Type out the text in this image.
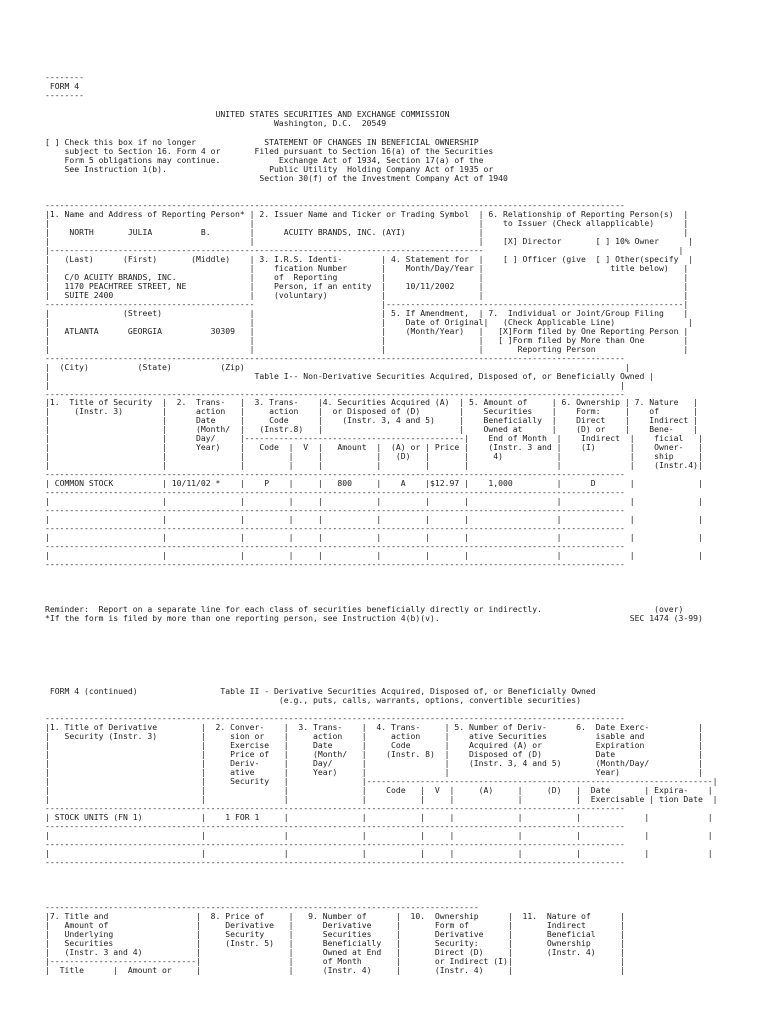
--------
FORM 4
--------
UNITED STATES SECURITIES AND EXCHANGE COMMISSION
Washington, D.C.  20549
[ ] Check this box if no longer              STATEMENT OF CHANGES IN BENEFICIAL OWNERSHIP
subject to Section 16. Form 4 or       Filed pursuant to Section 16(a) of the Securities
Form 5 obligations may continue.            Exchange Act of 1934, Section 17(a) of the
See Instruction 1(b).                     Public Utility  Holding Company Act of 1935 or
Section 30(f) of the Investment Company Act of 1940
-----------------------------------------------------------------------------------------------------------------------
|1. Name and Address of Reporting Person* | 2. Issuer Name and Ticker or Trading Symbol  | 6. Relationship of Reporting Person(s)  |
|                                         |                                              |    to Issuer (Check allapplicable)      |
|    NORTH       JULIA          B.        |      ACUITY BRANDS, INC. (AYI)               |                                         |
|                                         |                                              |    [X] Director       [ ] 10% Owner      |
|-----------------------------------------------------------------------------------------                                        |
|   (Last)      (First)       (Middle)    | 3. I.R.S. Identi-        | 4. Statement for  |    [ ] Officer (give  [ ] Other(specify  |
|                                         |    fication Number       |    Month/Day/Year |                          title below)   |
|   C/O ACUITY BRANDS, INC.               |    of  Reporting         |                   |                                         |
|   1170 PEACHTREE STREET, NE             |    Person, if an entity  |    10/11/2002     |                                         |
|   SUITE 2400                            |    (voluntary)           |                   |                                         |
-------------------------------------------                          |-------------------------------------------------------------|
|               (Street)                  |                          | 5. If Amendment,  | 7.  Individual or Joint/Group Filing    |
|                                         |                          |    Date of Original|   (Check Applicable Line)               |
|   ATLANTA      GEORGIA          30309   |                          |    (Month/Year)   |   [X]Form filed by One Reporting Person |
|                                         |                          |                   |   [ ]Form filed by More than One        |
|                                         |                          |                   |       Reporting Person                  |
-----------------------------------------------------------------------------------------------------------------------
|  (City)          (State)          (Zip)                                                                              |
|                                          Table I-- Non-Derivative Securities Acquired, Disposed of, or Beneficially Owned |
|                                                                                                                     |
-----------------------------------------------------------------------------------------------------------------------
|1.  Title of Security  |  2.  Trans-   |  3. Trans-    |4. Securities Acquired (A)  | 5. Amount of     | 6. Ownership | 7. Nature   |
|     (Instr. 3)        |      action   |     action    |  or Disposed of (D)        |    Securities    |    Form:     |    of       |
|                       |      Date     |     Code      |    (Instr. 3, 4 and 5)     |    Beneficially  |    Direct    |    Indirect |
|                       |      (Month/  |   (Instr.8)   |                            |    Owned at      |    (D) or    |    Bene-    |
|                       |      Day/     |---------------------------------------------|    End of Month  |    Indirect  |    ficial   |
|                       |      Year)    |   Code  |  V  |   Amount  |  (A) or | Price |    (Instr. 3 and |    (I)       |    Owner-   |
|                       |               |         |     |           |   (D)   |       |     4)           |              |    ship     |
|                       |               |         |     |           |         |       |                  |              |    (Instr.4)|
-----------------------------------------------------------------------------------------------------------------------
| COMMON STOCK          | 10/11/02 *    |    P    |     |   800     |    A    |$12.97 |    1,000         |      D       |             |
-----------------------------------------------------------------------------------------------------------------------
|                       |               |         |     |           |         |       |                  |              |             |
-----------------------------------------------------------------------------------------------------------------------
|                       |               |         |     |           |         |       |                  |              |             |
-----------------------------------------------------------------------------------------------------------------------
|                       |               |         |     |           |         |       |                  |              |             |
-----------------------------------------------------------------------------------------------------------------------
|                       |               |         |     |           |         |       |                  |              |             |
-----------------------------------------------------------------------------------------------------------------------
Reminder:  Report on a separate line for each class of securities beneficially directly or indirectly.                       (over)
*If the form is filed by more than one reporting person, see Instruction 4(b)(v).                                       SEC 1474 (3-99)
FORM 4 (continued)                 Table II - Derivative Securities Acquired, Disposed of, or Beneficially Owned
(e.g., puts, calls, warrants, options, convertible securities)
-----------------------------------------------------------------------------------------------------------------------
|1. Title of Derivative         |  2. Conver-    |  3. Trans-    |  4. Trans-     | 5. Number of Deriv-      6.  Date Exerc-          |
|   Security (Instr. 3)         |     sion or    |     action    |     action     |    ative Securities          isable and           |
|                               |     Exercise   |     Date      |     Code       |    Acquired (A) or           Expiration           |
|                               |     Price of   |     (Month/   |    (Instr. 8)  |    Disposed of (D)           Date                 |
|                               |     Deriv-     |     Day/      |                |    (Instr. 3, 4 and 5)       (Month/Day/          |
|                               |     ative      |     Year)     |                |                              Year)                |
|                               |     Security   |               |-----------------------------------------------------------------------|
|                               |                |               |    Code   |  V  |     (A)     |     (D)   |  Date       | Expira-    |
|                               |                |               |           |     |             |           |  Exercisable | tion Date  |
-----------------------------------------------------------------------------------------------------------------------
| STOCK UNITS (FN 1)            |    1 FOR 1     |               |           |     |             |           |             |            |
-----------------------------------------------------------------------------------------------------------------------
|                               |                |               |           |     |             |           |             |            |
-----------------------------------------------------------------------------------------------------------------------
|                               |                |               |           |     |             |           |             |            |
-----------------------------------------------------------------------------------------------------------------------
-----------------------------------------------------------------------------------------
|7. Title and                  |  8. Price of     |   9. Number of      |  10.  Ownership      |  11.  Nature of      |
|   Amount of                  |     Derivative   |      Derivative     |       Form of        |       Indirect       |
|   Underlying                 |     Security     |      Securities     |       Derivative     |       Beneficial     |
|   Securities                 |     (Instr. 5)   |      Beneficially   |       Security:      |       Ownership      |
|   (Instr. 3 and 4)           |                  |      Owned at End   |       Direct (D)     |       (Instr. 4)     |
|------------------------------|                  |      of Month       |       or Indirect (I)|                      |
|  Title      |  Amount or     |                  |      (Instr. 4)     |       (Instr. 4)     |                      |
